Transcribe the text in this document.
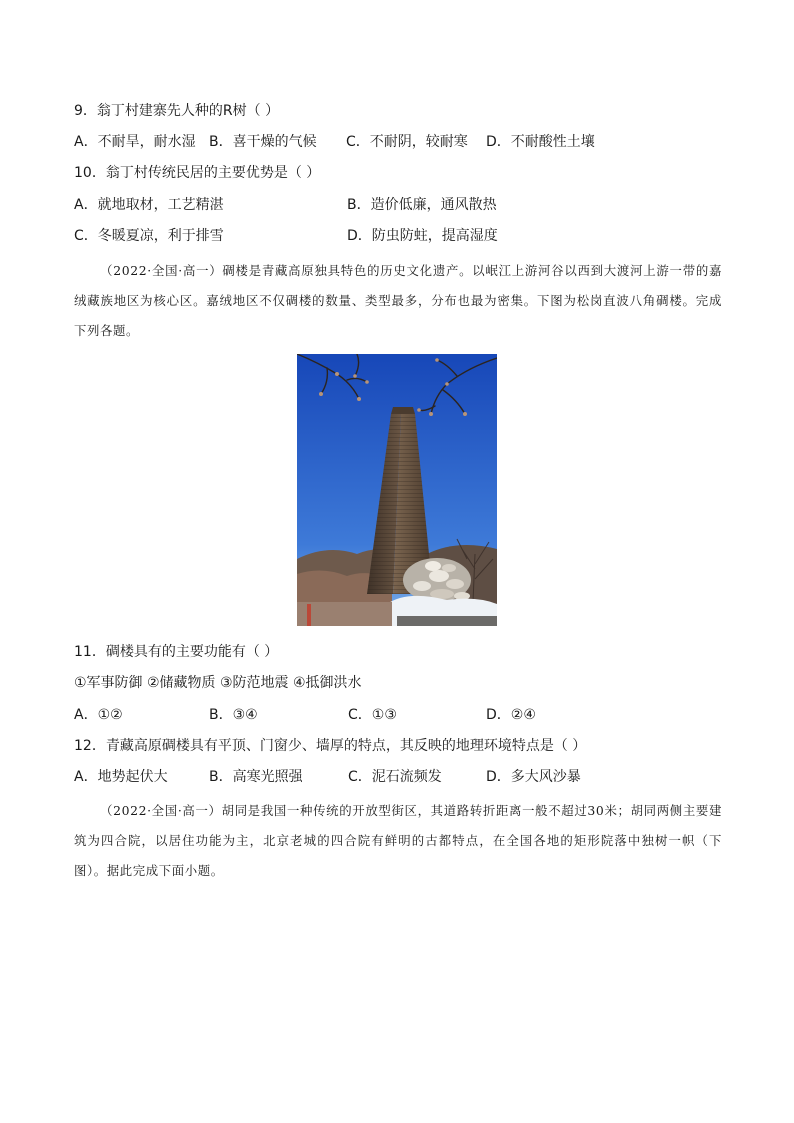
9．翁丁村建寨先人种的R树（ ）
A．不耐旱，耐水湿 B．喜干燥的气候 C．不耐阴，较耐寒 D．不耐酸性土壤
10．翁丁村传统民居的主要优势是（ ）
A．就地取材，工艺精湛	B．造价低廉，通风散热
C．冬暖夏凉，利于排雪	D．防虫防蛀，提高湿度
（2022·全国·高一）碉楼是青藏高原独具特色的历史文化遗产。以岷江上游河谷以西到大渡河上游一带的嘉绒藏族地区为核心区。嘉绒地区不仅碉楼的数量、类型最多，分布也最为密集。下图为松岗直波八角碉楼。完成下列各题。
11．碉楼具有的主要功能有（ ）
①军事防御 ②储藏物质 ③防范地震 ④抵御洪水
A．①②	B．③④	C．①③	D．②④
12．青藏高原碉楼具有平顶、门窗少、墙厚的特点，其反映的地理环境特点是（ ）
A．地势起伏大	B．高寒光照强	C．泥石流频发	D．多大风沙暴
（2022·全国·高一）胡同是我国一种传统的开放型街区，其道路转折距离一般不超过30米；胡同两侧主要建筑为四合院，以居住功能为主，北京老城的四合院有鲜明的古都特点，在全国各地的矩形院落中独树一帜（下图）。据此完成下面小题。
